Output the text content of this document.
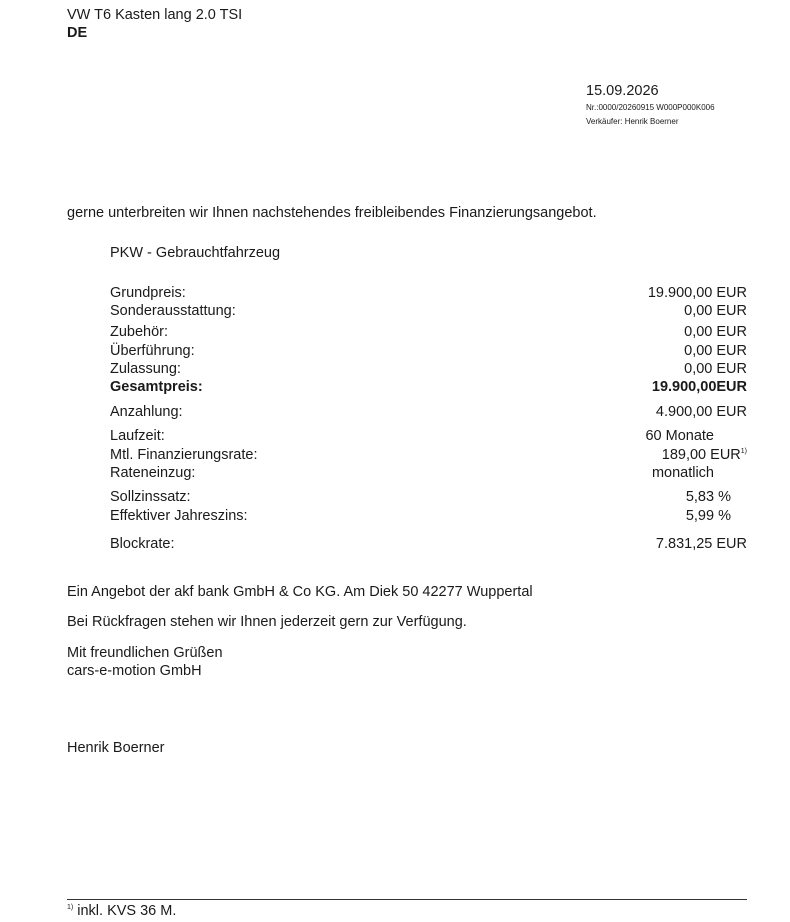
VW T6 Kasten lang 2.0 TSI
DE
15.09.2026
Nr.:0000/20260915 W000P000K006
Verkäufer: Henrik Boerner
gerne unterbreiten wir Ihnen nachstehendes freibleibendes Finanzierungsangebot.
PKW - Gebrauchtfahrzeug
Grundpreis:	19.900,00 EUR
Sonderausstattung:	0,00 EUR
Zubehör:	0,00 EUR
Überführung:	0,00 EUR
Zulassung:	0,00 EUR
Gesamtpreis:	19.900,00EUR
Anzahlung:	4.900,00 EUR
Laufzeit:	60 Monate
Mtl. Finanzierungsrate:	189,00 EUR$^{1)}$
Rateneinzug:	monatlich
Sollzinssatz:	5,83 %
Effektiver Jahreszins:	5,99 %
Blockrate:	7.831,25 EUR
Ein Angebot der akf bank GmbH & Co KG. Am Diek 50 42277 Wuppertal
Bei Rückfragen stehen wir Ihnen jederzeit gern zur Verfügung.
Mit freundlichen Grüßen
cars-e-motion GmbH
Henrik Boerner
$^{1)}$ inkl. KVS 36 M.
